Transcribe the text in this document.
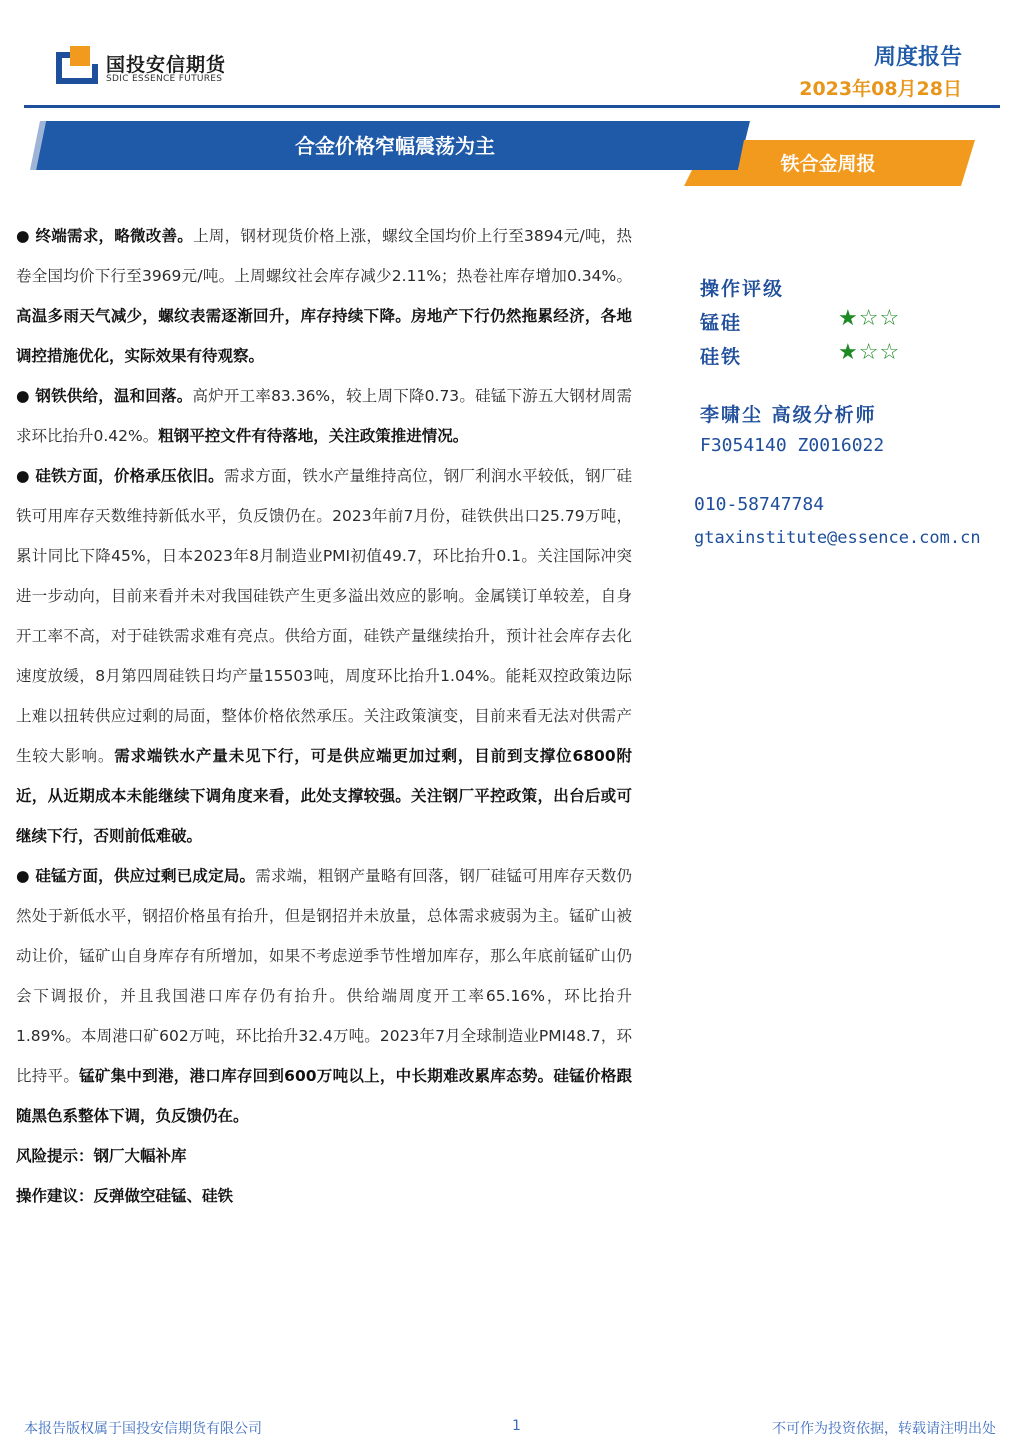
国投安信期货
SDIC ESSENCE FUTURES
周度报告
2023年08月28日
合金价格窄幅震荡为主
铁合金周报

● 终端需求，略微改善。上周，钢材现货价格上涨，螺纹全国均价上行至3894元/吨，热卷全国均价下行至3969元/吨。上周螺纹社会库存减少2.11%；热卷社库存增加0.34%。高温多雨天气减少，螺纹表需逐渐回升，库存持续下降。房地产下行仍然拖累经济，各地调控措施优化，实际效果有待观察。

● 钢铁供给，温和回落。高炉开工率83.36%，较上周下降0.73。硅锰下游五大钢材周需求环比抬升0.42%。粗钢平控文件有待落地，关注政策推进情况。

● 硅铁方面，价格承压依旧。需求方面，铁水产量维持高位，钢厂利润水平较低，钢厂硅铁可用库存天数维持新低水平，负反馈仍在。2023年前7月份，硅铁供出口25.79万吨，累计同比下降45%，日本2023年8月制造业PMI初值49.7，环比抬升0.1。关注国际冲突进一步动向，目前来看并未对我国硅铁产生更多溢出效应的影响。金属镁订单较差，自身开工率不高，对于硅铁需求难有亮点。供给方面，硅铁产量继续抬升，预计社会库存去化速度放缓，8月第四周硅铁日均产量15503吨，周度环比抬升1.04%。能耗双控政策边际上难以扭转供应过剩的局面，整体价格依然承压。关注政策演变，目前来看无法对供需产生较大影响。需求端铁水产量未见下行，可是供应端更加过剩，目前到支撑位6800附近，从近期成本未能继续下调角度来看，此处支撑较强。关注钢厂平控政策，出台后或可继续下行，否则前低难破。

● 硅锰方面，供应过剩已成定局。需求端，粗钢产量略有回落，钢厂硅锰可用库存天数仍然处于新低水平，钢招价格虽有抬升，但是钢招并未放量，总体需求疲弱为主。锰矿山被动让价，锰矿山自身库存有所增加，如果不考虑逆季节性增加库存，那么年底前锰矿山仍会下调报价，并且我国港口库存仍有抬升。供给端周度开工率65.16%，环比抬升1.89%。本周港口矿602万吨，环比抬升32.4万吨。2023年7月全球制造业PMI48.7，环比持平。锰矿集中到港，港口库存回到600万吨以上，中长期难改累库态势。硅锰价格跟随黑色系整体下调，负反馈仍在。

风险提示：钢厂大幅补库

操作建议：反弹做空硅锰、硅铁

操作评级
锰硅	★☆☆
硅铁	★☆☆
李啸尘 高级分析师
F3054140 Z0016022
010-58747784
gtaxinstitute@essence.com.cn
本报告版权属于国投安信期货有限公司	1	不可作为投资依据，转载请注明出处
